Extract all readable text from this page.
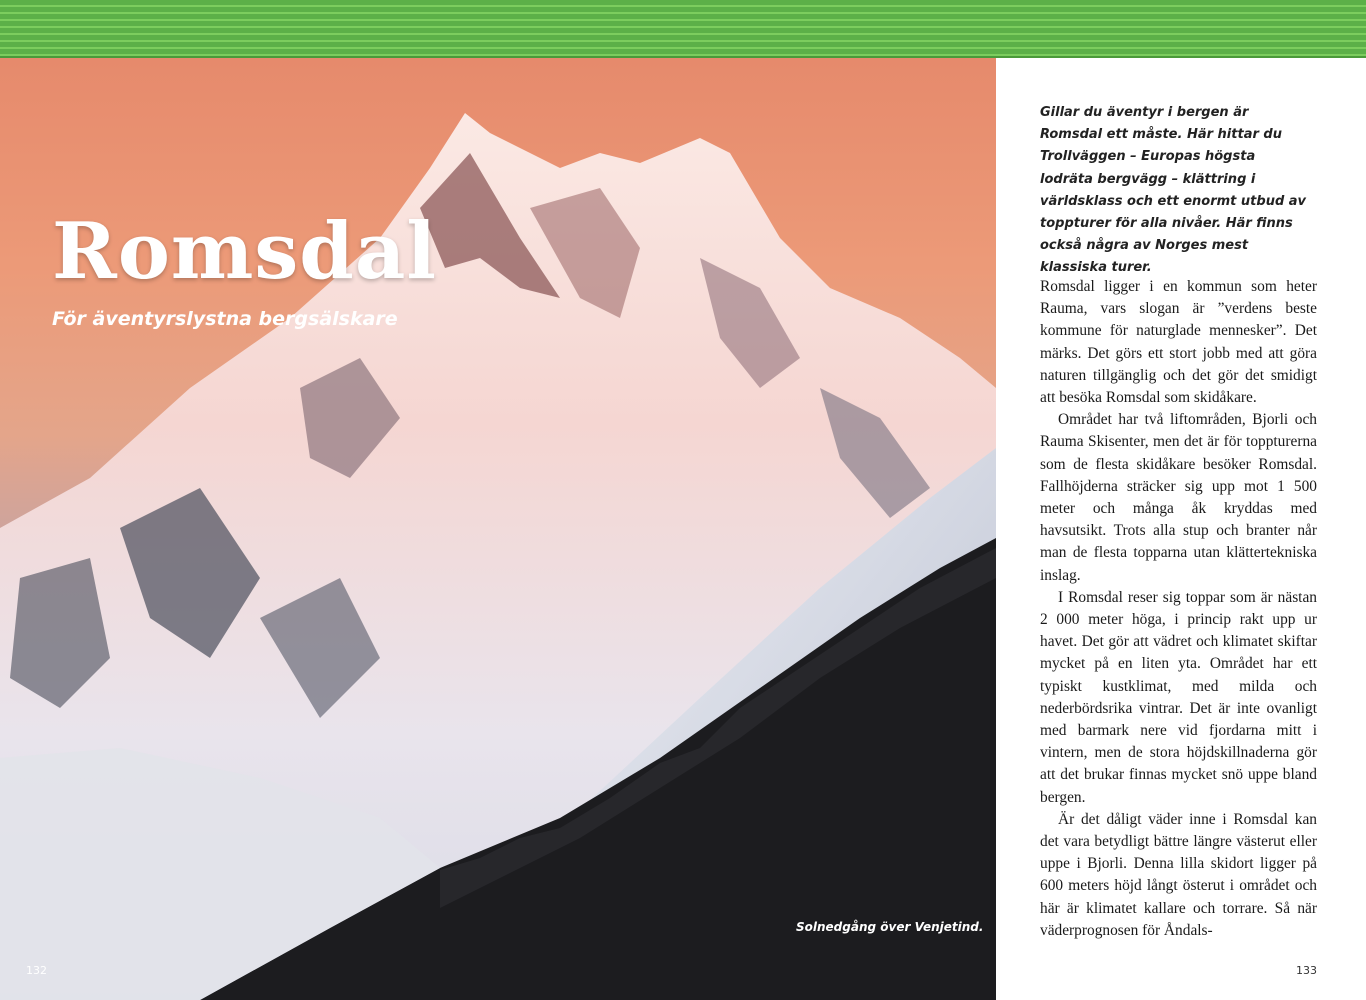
Romsdal
För äventyrslystna bergsälskare
Solnedgång över Venjetind.
132

Gillar du äventyr i bergen är Romsdal ett måste. Här hittar du Trollväggen – Europas högsta lodräta bergvägg – klättring i världsklass och ett enormt utbud av toppturer för alla nivåer. Här finns också några av Norges mest klassiska turer.

Romsdal ligger i en kommun som heter Rauma, vars slogan är ”verdens beste kommune för naturglade mennesker”. Det märks. Det görs ett stort jobb med att göra naturen tillgänglig och det gör det smidigt att besöka Romsdal som skidåkare.

Området har två liftområden, Bjorli och Rauma Skisenter, men det är för toppturerna som de flesta skidåkare besöker Romsdal. Fallhöjderna sträcker sig upp mot 1 500 meter och många åk kryddas med havsutsikt. Trots alla stup och branter når man de flesta topparna utan klättertekniska inslag.

I Romsdal reser sig toppar som är nästan 2 000 meter höga, i princip rakt upp ur havet. Det gör att vädret och klimatet skiftar mycket på en liten yta. Området har ett typiskt kustklimat, med milda och nederbördsrika vintrar. Det är inte ovanligt med barmark nere vid fjordarna mitt i vintern, men de stora höjdskillnaderna gör att det brukar finnas mycket snö uppe bland bergen.

Är det dåligt väder inne i Romsdal kan det vara betydligt bättre längre västerut eller uppe i Bjorli. Denna lilla skidort ligger på 600 meters höjd långt österut i området och här är klimatet kallare och torrare. Så när väderprognosen för Åndals-

133
